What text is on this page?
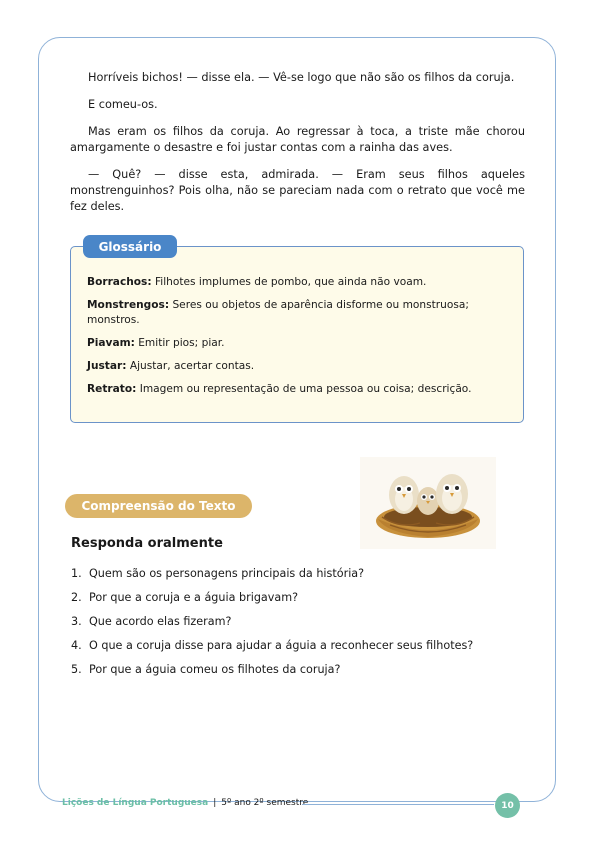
Horríveis bichos! — disse ela. — Vê-se logo que não são os filhos da coruja.

E comeu-os.

Mas eram os filhos da coruja. Ao regressar à toca, a triste mãe chorou amargamente o desastre e foi justar contas com a rainha das aves.

— Quê? — disse esta, admirada. — Eram seus filhos aqueles monstrenguinhos? Pois olha, não se pareciam nada com o retrato que você me fez deles.

Glossário
Borrachos: Filhotes implumes de pombo, que ainda não voam.
Monstrengos: Seres ou objetos de aparência disforme ou monstruosa; monstros.
Piavam: Emitir pios; piar.
Justar: Ajustar, acertar contas.
Retrato: Imagem ou representação de uma pessoa ou coisa; descrição.
Compreensão do Texto
Responda oralmente
1. Quem são os personagens principais da história?
2. Por que a coruja e a águia brigavam?
3. Que acordo elas fizeram?
4. O que a coruja disse para ajudar a águia a reconhecer seus filhotes?
5. Por que a águia comeu os filhotes da coruja?
Lições de Língua Portuguesa | 5º ano 2º semestre	10
